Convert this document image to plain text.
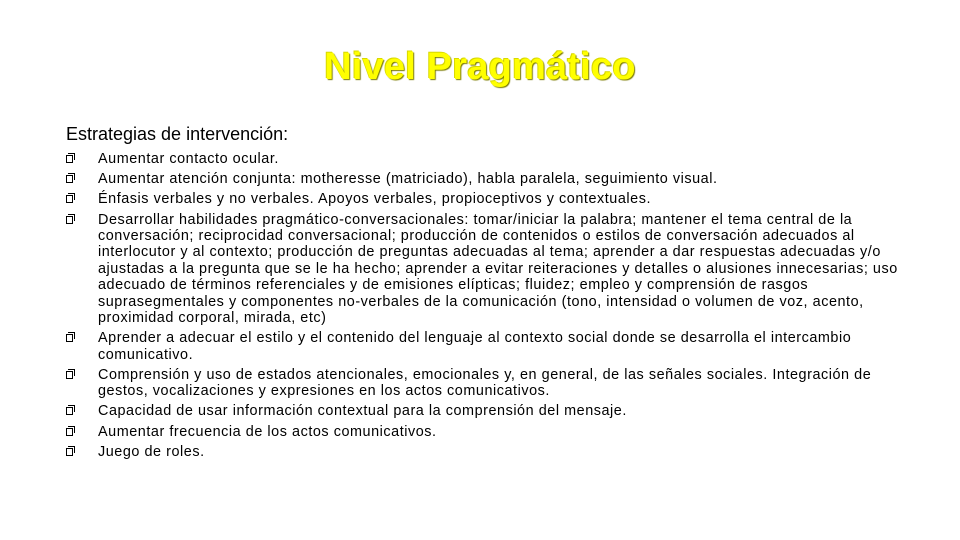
Nivel Pragmático
Estrategias de intervención:
Aumentar contacto ocular.
Aumentar atención conjunta: motheresse (matriciado), habla paralela, seguimiento visual.
Énfasis verbales y no verbales. Apoyos verbales, propioceptivos y contextuales.
Desarrollar habilidades pragmático-conversacionales: tomar/iniciar la palabra; mantener el tema central de la conversación; reciprocidad conversacional; producción de contenidos o estilos de conversación adecuados al interlocutor y al contexto; producción de preguntas adecuadas al tema; aprender a dar respuestas adecuadas y/o ajustadas a la pregunta que se le ha hecho; aprender a evitar reiteraciones y detalles o alusiones innecesarias; uso adecuado de términos referenciales y de emisiones elípticas; fluidez; empleo y comprensión de rasgos suprasegmentales y componentes no-verbales de la comunicación (tono, intensidad o volumen de voz, acento, proximidad corporal, mirada, etc)
Aprender a adecuar el estilo y el contenido del lenguaje al contexto social donde se desarrolla el intercambio comunicativo.
Comprensión y uso de estados atencionales, emocionales y, en general, de las señales sociales. Integración de gestos, vocalizaciones y expresiones en los actos comunicativos.
Capacidad de usar información contextual para la comprensión del mensaje.
Aumentar frecuencia de los actos comunicativos.
Juego de roles.
